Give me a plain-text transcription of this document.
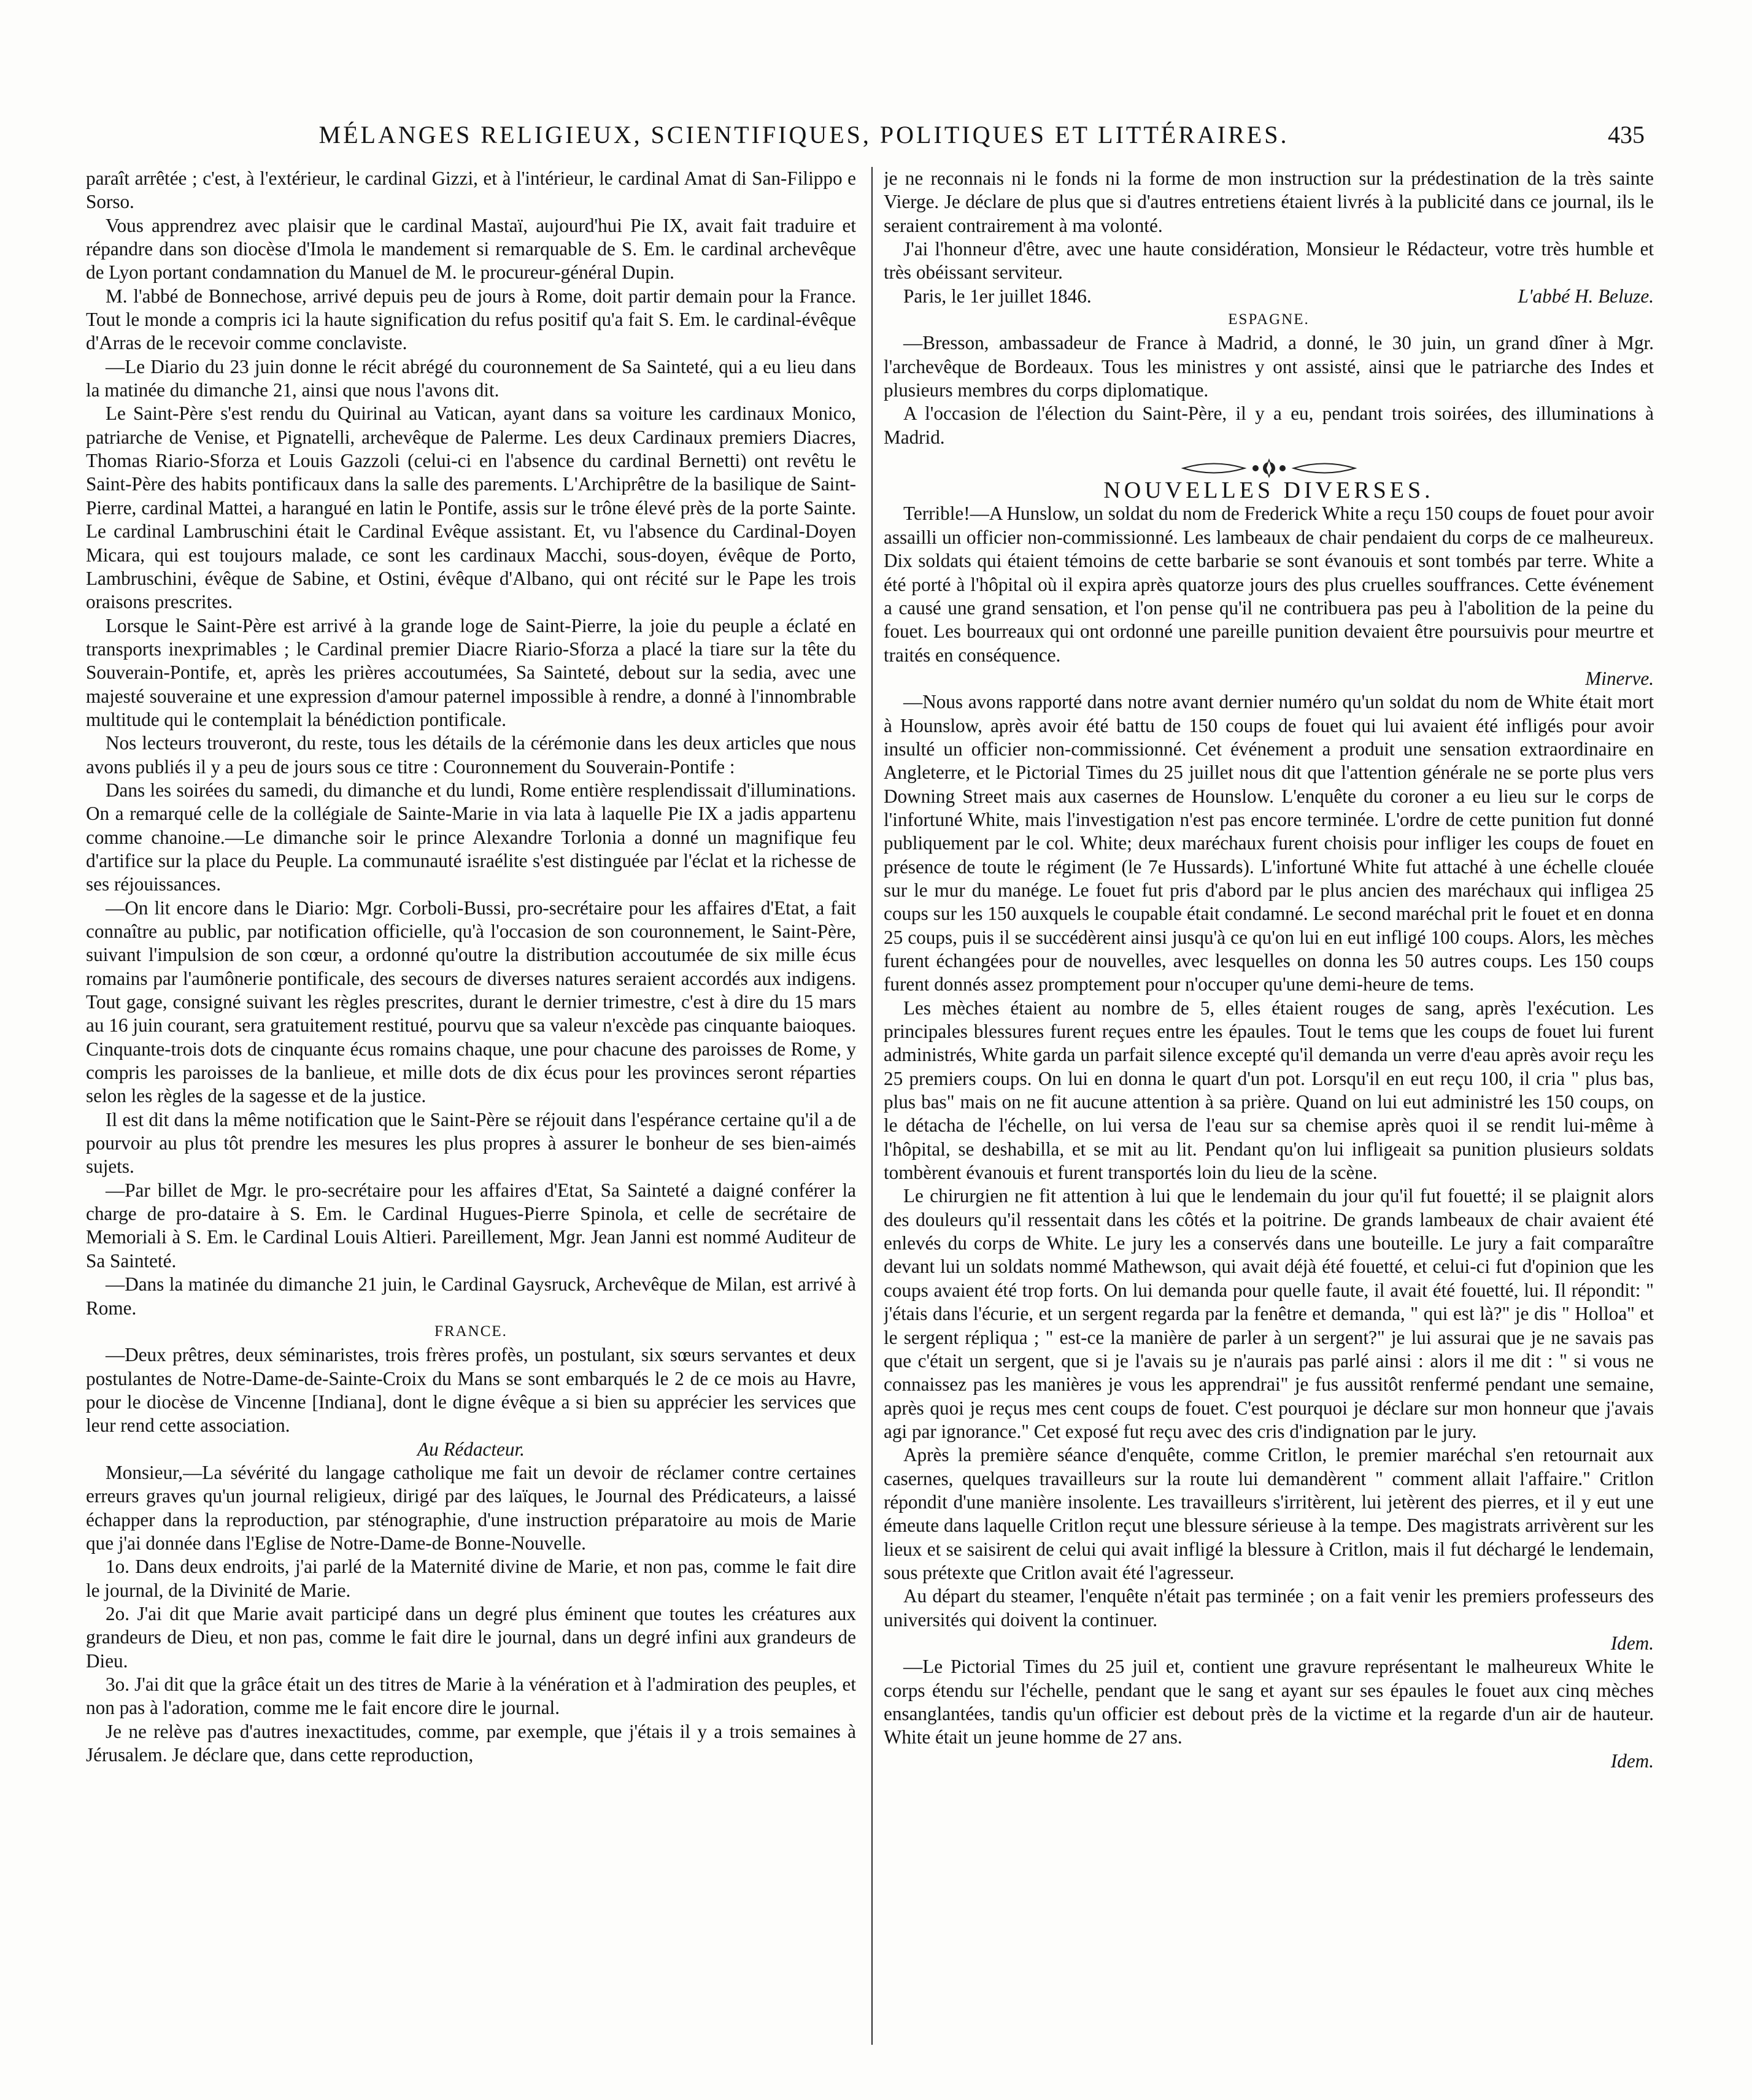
MÉLANGES RELIGIEUX, SCIENTIFIQUES, POLITIQUES ET LITTÉRAIRES.	435

paraît arrêtée ; c'est, à l'extérieur, le cardinal Gizzi, et à l'intérieur, le cardinal Amat di San-Filippo e Sorso.

Vous apprendrez avec plaisir que le cardinal Mastaï, aujourd'hui Pie IX, avait fait traduire et répandre dans son diocèse d'Imola le mandement si remarquable de S. Em. le cardinal archevêque de Lyon portant condamnation du Manuel de M. le procureur-général Dupin.

M. l'abbé de Bonnechose, arrivé depuis peu de jours à Rome, doit partir demain pour la France. Tout le monde a compris ici la haute signification du refus positif qu'a fait S. Em. le cardinal-évêque d'Arras de le recevoir comme conclaviste.

—Le Diario du 23 juin donne le récit abrégé du couronnement de Sa Sainteté, qui a eu lieu dans la matinée du dimanche 21, ainsi que nous l'avons dit.

Le Saint-Père s'est rendu du Quirinal au Vatican, ayant dans sa voiture les cardinaux Monico, patriarche de Venise, et Pignatelli, archevêque de Palerme. Les deux Cardinaux premiers Diacres, Thomas Riario-Sforza et Louis Gazzoli (celui-ci en l'absence du cardinal Bernetti) ont revêtu le Saint-Père des habits pontificaux dans la salle des parements. L'Archiprêtre de la basilique de Saint-Pierre, cardinal Mattei, a harangué en latin le Pontife, assis sur le trône élevé près de la porte Sainte. Le cardinal Lambruschini était le Cardinal Evêque assistant. Et, vu l'absence du Cardinal-Doyen Micara, qui est toujours malade, ce sont les cardinaux Macchi, sous-doyen, évêque de Porto, Lambruschini, évêque de Sabine, et Ostini, évêque d'Albano, qui ont récité sur le Pape les trois oraisons prescrites.

Lorsque le Saint-Père est arrivé à la grande loge de Saint-Pierre, la joie du peuple a éclaté en transports inexprimables ; le Cardinal premier Diacre Riario-Sforza a placé la tiare sur la tête du Souverain-Pontife, et, après les prières accoutumées, Sa Sainteté, debout sur la sedia, avec une majesté souveraine et une expression d'amour paternel impossible à rendre, a donné à l'innombrable multitude qui le contemplait la bénédiction pontificale.

Nos lecteurs trouveront, du reste, tous les détails de la cérémonie dans les deux articles que nous avons publiés il y a peu de jours sous ce titre : Couronnement du Souverain-Pontife :

Dans les soirées du samedi, du dimanche et du lundi, Rome entière resplendissait d'illuminations. On a remarqué celle de la collégiale de Sainte-Marie in via lata à laquelle Pie IX a jadis appartenu comme chanoine.—Le dimanche soir le prince Alexandre Torlonia a donné un magnifique feu d'artifice sur la place du Peuple. La communauté israélite s'est distinguée par l'éclat et la richesse de ses réjouissances.

—On lit encore dans le Diario: Mgr. Corboli-Bussi, pro-secrétaire pour les affaires d'Etat, a fait connaître au public, par notification officielle, qu'à l'occasion de son couronnement, le Saint-Père, suivant l'impulsion de son cœur, a ordonné qu'outre la distribution accoutumée de six mille écus romains par l'aumônerie pontificale, des secours de diverses natures seraient accordés aux indigens. Tout gage, consigné suivant les règles prescrites, durant le dernier trimestre, c'est à dire du 15 mars au 16 juin courant, sera gratuitement restitué, pourvu que sa valeur n'excède pas cinquante baioques. Cinquante-trois dots de cinquante écus romains chaque, une pour chacune des paroisses de Rome, y compris les paroisses de la banlieue, et mille dots de dix écus pour les provinces seront réparties selon les règles de la sagesse et de la justice.

Il est dit dans la même notification que le Saint-Père se réjouit dans l'espérance certaine qu'il a de pourvoir au plus tôt prendre les mesures les plus propres à assurer le bonheur de ses bien-aimés sujets.

—Par billet de Mgr. le pro-secrétaire pour les affaires d'Etat, Sa Sainteté a daigné conférer la charge de pro-dataire à S. Em. le Cardinal Hugues-Pierre Spinola, et celle de secrétaire de Memoriali à S. Em. le Cardinal Louis Altieri. Pareillement, Mgr. Jean Janni est nommé Auditeur de Sa Sainteté.

—Dans la matinée du dimanche 21 juin, le Cardinal Gaysruck, Archevêque de Milan, est arrivé à Rome.

FRANCE.

—Deux prêtres, deux séminaristes, trois frères profès, un postulant, six sœurs servantes et deux postulantes de Notre-Dame-de-Sainte-Croix du Mans se sont embarqués le 2 de ce mois au Havre, pour le diocèse de Vincenne [Indiana], dont le digne évêque a si bien su apprécier les services que leur rend cette association.

Au Rédacteur.

Monsieur,—La sévérité du langage catholique me fait un devoir de réclamer contre certaines erreurs graves qu'un journal religieux, dirigé par des laïques, le Journal des Prédicateurs, a laissé échapper dans la reproduction, par sténographie, d'une instruction préparatoire au mois de Marie que j'ai donnée dans l'Eglise de Notre-Dame-de Bonne-Nouvelle.

1o. Dans deux endroits, j'ai parlé de la Maternité divine de Marie, et non pas, comme le fait dire le journal, de la Divinité de Marie.

2o. J'ai dit que Marie avait participé dans un degré plus éminent que toutes les créatures aux grandeurs de Dieu, et non pas, comme le fait dire le journal, dans un degré infini aux grandeurs de Dieu.

3o. J'ai dit que la grâce était un des titres de Marie à la vénération et à l'admiration des peuples, et non pas à l'adoration, comme me le fait encore dire le journal.

Je ne relève pas d'autres inexactitudes, comme, par exemple, que j'étais il y a trois semaines à Jérusalem. Je déclare que, dans cette reproduction,

je ne reconnais ni le fonds ni la forme de mon instruction sur la prédestination de la très sainte Vierge. Je déclare de plus que si d'autres entretiens étaient livrés à la publicité dans ce journal, ils le seraient contrairement à ma volonté.

J'ai l'honneur d'être, avec une haute considération, Monsieur le Rédacteur, votre très humble et très obéissant serviteur.

Paris, le 1er juillet 1846.	L'abbé H. Beluze.

ESPAGNE.

—Bresson, ambassadeur de France à Madrid, a donné, le 30 juin, un grand dîner à Mgr. l'archevêque de Bordeaux. Tous les ministres y ont assisté, ainsi que le patriarche des Indes et plusieurs membres du corps diplomatique.

A l'occasion de l'élection du Saint-Père, il y a eu, pendant trois soirées, des illuminations à Madrid.

NOUVELLES DIVERSES.

Terrible!—A Hunslow, un soldat du nom de Frederick White a reçu 150 coups de fouet pour avoir assailli un officier non-commissionné. Les lambeaux de chair pendaient du corps de ce malheureux. Dix soldats qui étaient témoins de cette barbarie se sont évanouis et sont tombés par terre. White a été porté à l'hôpital où il expira après quatorze jours des plus cruelles souffrances. Cette événement a causé une grand sensation, et l'on pense qu'il ne contribuera pas peu à l'abolition de la peine du fouet. Les bourreaux qui ont ordonné une pareille punition devaient être poursuivis pour meurtre et traités en conséquence.

Minerve.

—Nous avons rapporté dans notre avant dernier numéro qu'un soldat du nom de White était mort à Hounslow, après avoir été battu de 150 coups de fouet qui lui avaient été infligés pour avoir insulté un officier non-commissionné. Cet événement a produit une sensation extraordinaire en Angleterre, et le Pictorial Times du 25 juillet nous dit que l'attention générale ne se porte plus vers Downing Street mais aux casernes de Hounslow. L'enquête du coroner a eu lieu sur le corps de l'infortuné White, mais l'investigation n'est pas encore terminée. L'ordre de cette punition fut donné publiquement par le col. White; deux maréchaux furent choisis pour infliger les coups de fouet en présence de toute le régiment (le 7e Hussards). L'infortuné White fut attaché à une échelle clouée sur le mur du manége. Le fouet fut pris d'abord par le plus ancien des maréchaux qui infligea 25 coups sur les 150 auxquels le coupable était condamné. Le second maréchal prit le fouet et en donna 25 coups, puis il se succédèrent ainsi jusqu'à ce qu'on lui en eut infligé 100 coups. Alors, les mèches furent échangées pour de nouvelles, avec lesquelles on donna les 50 autres coups. Les 150 coups furent donnés assez promptement pour n'occuper qu'une demi-heure de tems.

Les mèches étaient au nombre de 5, elles étaient rouges de sang, après l'exécution. Les principales blessures furent reçues entre les épaules. Tout le tems que les coups de fouet lui furent administrés, White garda un parfait silence excepté qu'il demanda un verre d'eau après avoir reçu les 25 premiers coups. On lui en donna le quart d'un pot. Lorsqu'il en eut reçu 100, il cria " plus bas, plus bas" mais on ne fit aucune attention à sa prière. Quand on lui eut administré les 150 coups, on le détacha de l'échelle, on lui versa de l'eau sur sa chemise après quoi il se rendit lui-même à l'hôpital, se deshabilla, et se mit au lit. Pendant qu'on lui infligeait sa punition plusieurs soldats tombèrent évanouis et furent transportés loin du lieu de la scène.

Le chirurgien ne fit attention à lui que le lendemain du jour qu'il fut fouetté; il se plaignit alors des douleurs qu'il ressentait dans les côtés et la poitrine. De grands lambeaux de chair avaient été enlevés du corps de White. Le jury les a conservés dans une bouteille. Le jury a fait comparaître devant lui un soldats nommé Mathewson, qui avait déjà été fouetté, et celui-ci fut d'opinion que les coups avaient été trop forts. On lui demanda pour quelle faute, il avait été fouetté, lui. Il répondit: " j'étais dans l'écurie, et un sergent regarda par la fenêtre et demanda, " qui est là?" je dis " Holloa" et le sergent répliqua ; " est-ce la manière de parler à un sergent?" je lui assurai que je ne savais pas que c'était un sergent, que si je l'avais su je n'aurais pas parlé ainsi : alors il me dit : " si vous ne connaissez pas les manières je vous les apprendrai" je fus aussitôt renfermé pendant une semaine, après quoi je reçus mes cent coups de fouet. C'est pourquoi je déclare sur mon honneur que j'avais agi par ignorance." Cet exposé fut reçu avec des cris d'indignation par le jury.

Après la première séance d'enquête, comme Critlon, le premier maréchal s'en retournait aux casernes, quelques travailleurs sur la route lui demandèrent " comment allait l'affaire." Critlon répondit d'une manière insolente. Les travailleurs s'irritèrent, lui jetèrent des pierres, et il y eut une émeute dans laquelle Critlon reçut une blessure sérieuse à la tempe. Des magistrats arrivèrent sur les lieux et se saisirent de celui qui avait infligé la blessure à Critlon, mais il fut déchargé le lendemain, sous prétexte que Critlon avait été l'agresseur.

Au départ du steamer, l'enquête n'était pas terminée ; on a fait venir les premiers professeurs des universités qui doivent la continuer.

Idem.

—Le Pictorial Times du 25 juil et, contient une gravure représentant le malheureux White le corps étendu sur l'échelle, pendant que le sang et ayant sur ses épaules le fouet aux cinq mèches ensanglantées, tandis qu'un officier est debout près de la victime et la regarde d'un air de hauteur. White était un jeune homme de 27 ans.

Idem.
